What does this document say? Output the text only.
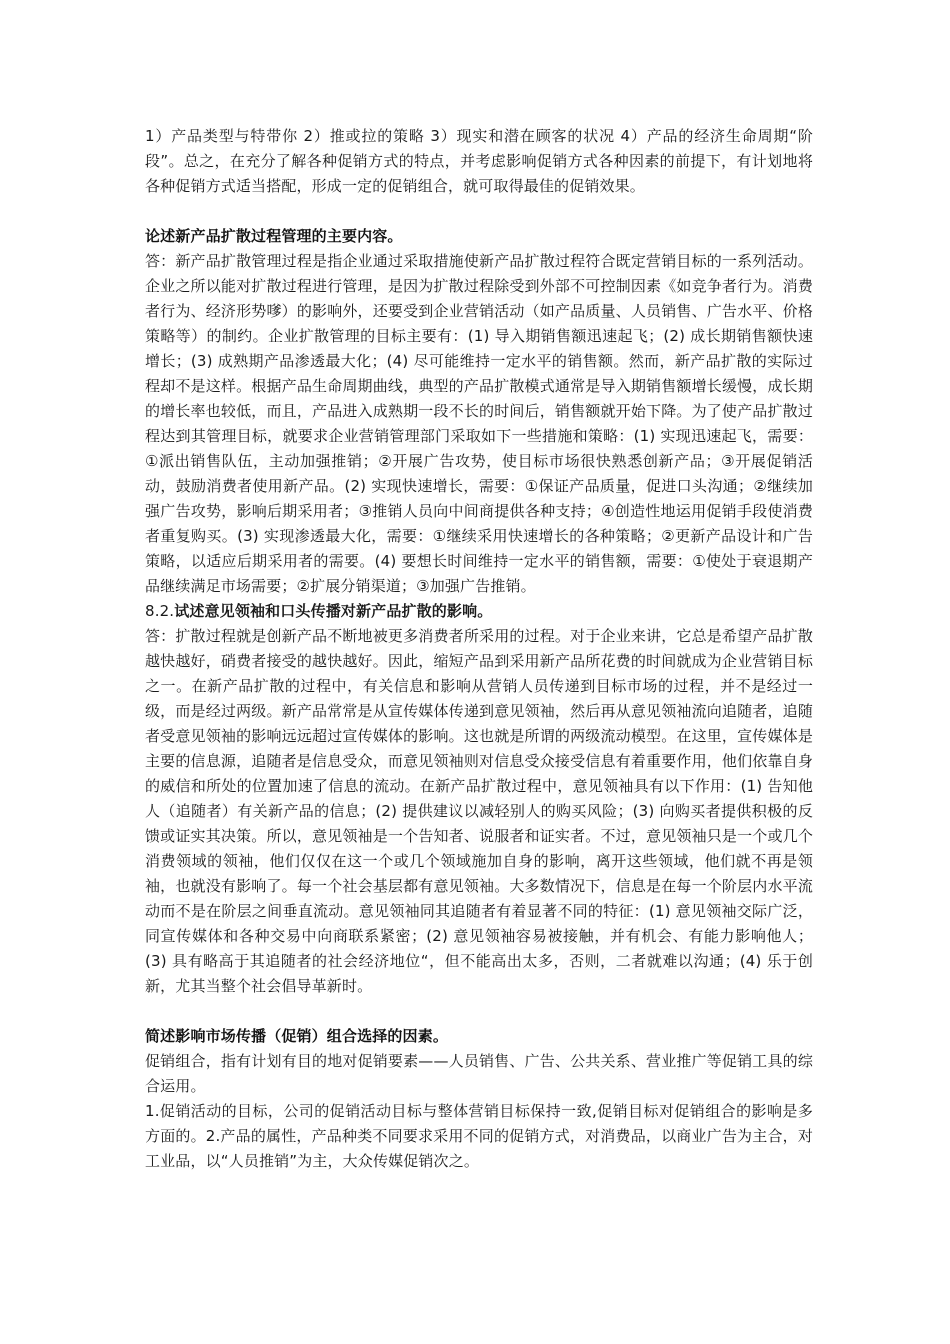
1）产品类型与特带你 2）推或拉的策略 3）现实和潜在顾客的状况 4）产品的经济生命周期“阶段”。总之，在充分了解各种促销方式的特点，并考虑影响促销方式各种因素的前提下，有计划地将各种促销方式适当搭配，形成一定的促销组合，就可取得最佳的促销效果。

论述新产品扩散过程管理的主要内容。

答：新产品扩散管理过程是指企业通过采取措施使新产品扩散过程符合既定营销目标的一系列活动。企业之所以能对扩散过程进行管理，是因为扩散过程除受到外部不可控制因素《如竞争者行为。消费者行为、经济形势嗲）的影响外，还要受到企业营销活动（如产品质量、人员销售、广告水平、价格策略等）的制约。企业扩散管理的目标主要有：(1) 导入期销售额迅速起飞；(2) 成长期销售额快速增长；(3) 成熟期产品渗透最大化；(4) 尽可能维持一定水平的销售额。然而，新产品扩散的实际过程却不是这样。根据产品生命周期曲线，典型的产品扩散模式通常是导入期销售额增长缓慢，成长期的增长率也较低，而且，产品进入成熟期一段不长的时间后，销售额就开始下降。为了使产品扩散过程达到其管理目标，就要求企业营销管理部门采取如下一些措施和策略：(1) 实现迅速起飞，需要：①派出销售队伍，主动加强推销；②开展广告攻势，使目标市场很快熟悉创新产品；③开展促销活动，鼓励消费者使用新产品。(2) 实现快速增长，需要：①保证产品质量，促进口头沟通；②继续加强广告攻势，影响后期采用者；③推销人员向中间商提供各种支持；④创造性地运用促销手段使消费者重复购买。(3) 实现渗透最大化，需要：①继续采用快速增长的各种策略；②更新产品设计和广告策略，以适应后期采用者的需要。(4) 要想长时间维持一定水平的销售额，需要：①使处于衰退期产品继续满足市场需要；②扩展分销渠道；③加强广告推销。

8.2.试述意见领袖和口头传播对新产品扩散的影响。

答：扩散过程就是创新产品不断地被更多消费者所采用的过程。对于企业来讲，它总是希望产品扩散越快越好，硝费者接受的越快越好。因此，缩短产品到采用新产品所花费的时间就成为企业营销目标之一。在新产品扩散的过程中，有关信息和影响从营销人员传递到目标市场的过程，并不是经过一级，而是经过两级。新产品常常是从宣传媒体传递到意见领袖，然后再从意见领袖流向追随者，追随者受意见领袖的影响远远超过宣传媒体的影响。这也就是所谓的两级流动模型。在这里，宣传媒体是主要的信息源，追随者是信息受众，而意见领袖则对信息受众接受信息有着重要作用，他们依靠自身的威信和所处的位置加速了信息的流动。在新产品扩散过程中，意见领袖具有以下作用：(1) 告知他人（追随者）有关新产品的信息；(2) 提供建议以减轻别人的购买风险；(3) 向购买者提供积极的反馈或证实其决策。所以，意见领袖是一个告知者、说服者和证实者。不过，意见领袖只是一个或几个消费领域的领袖，他们仅仅在这一个或几个领域施加自身的影响，离开这些领域，他们就不再是领袖，也就没有影响了。每一个社会基层都有意见领袖。大多数情况下，信息是在每一个阶层内水平流动而不是在阶层之间垂直流动。意见领袖同其追随者有着显著不同的特征：(1) 意见领袖交际广泛，同宣传媒体和各种交易中向商联系紧密；(2) 意见领袖容易被接触，并有机会、有能力影响他人；(3) 具有略高于其追随者的社会经济地位“，但不能高出太多，否则，二者就难以沟通；(4) 乐于创新，尤其当整个社会倡导革新时。

简述影响市场传播（促销）组合选择的因素。

促销组合，指有计划有目的地对促销要素——人员销售、广告、公共关系、营业推广等促销工具的综合运用。

1.促销活动的目标，公司的促销活动目标与整体营销目标保持一致,促销目标对促销组合的影响是多方面的。2.产品的属性，产品种类不同要求采用不同的促销方式，对消费品，以商业广告为主合，对工业品，以“人员推销”为主，大众传媒促销次之。
